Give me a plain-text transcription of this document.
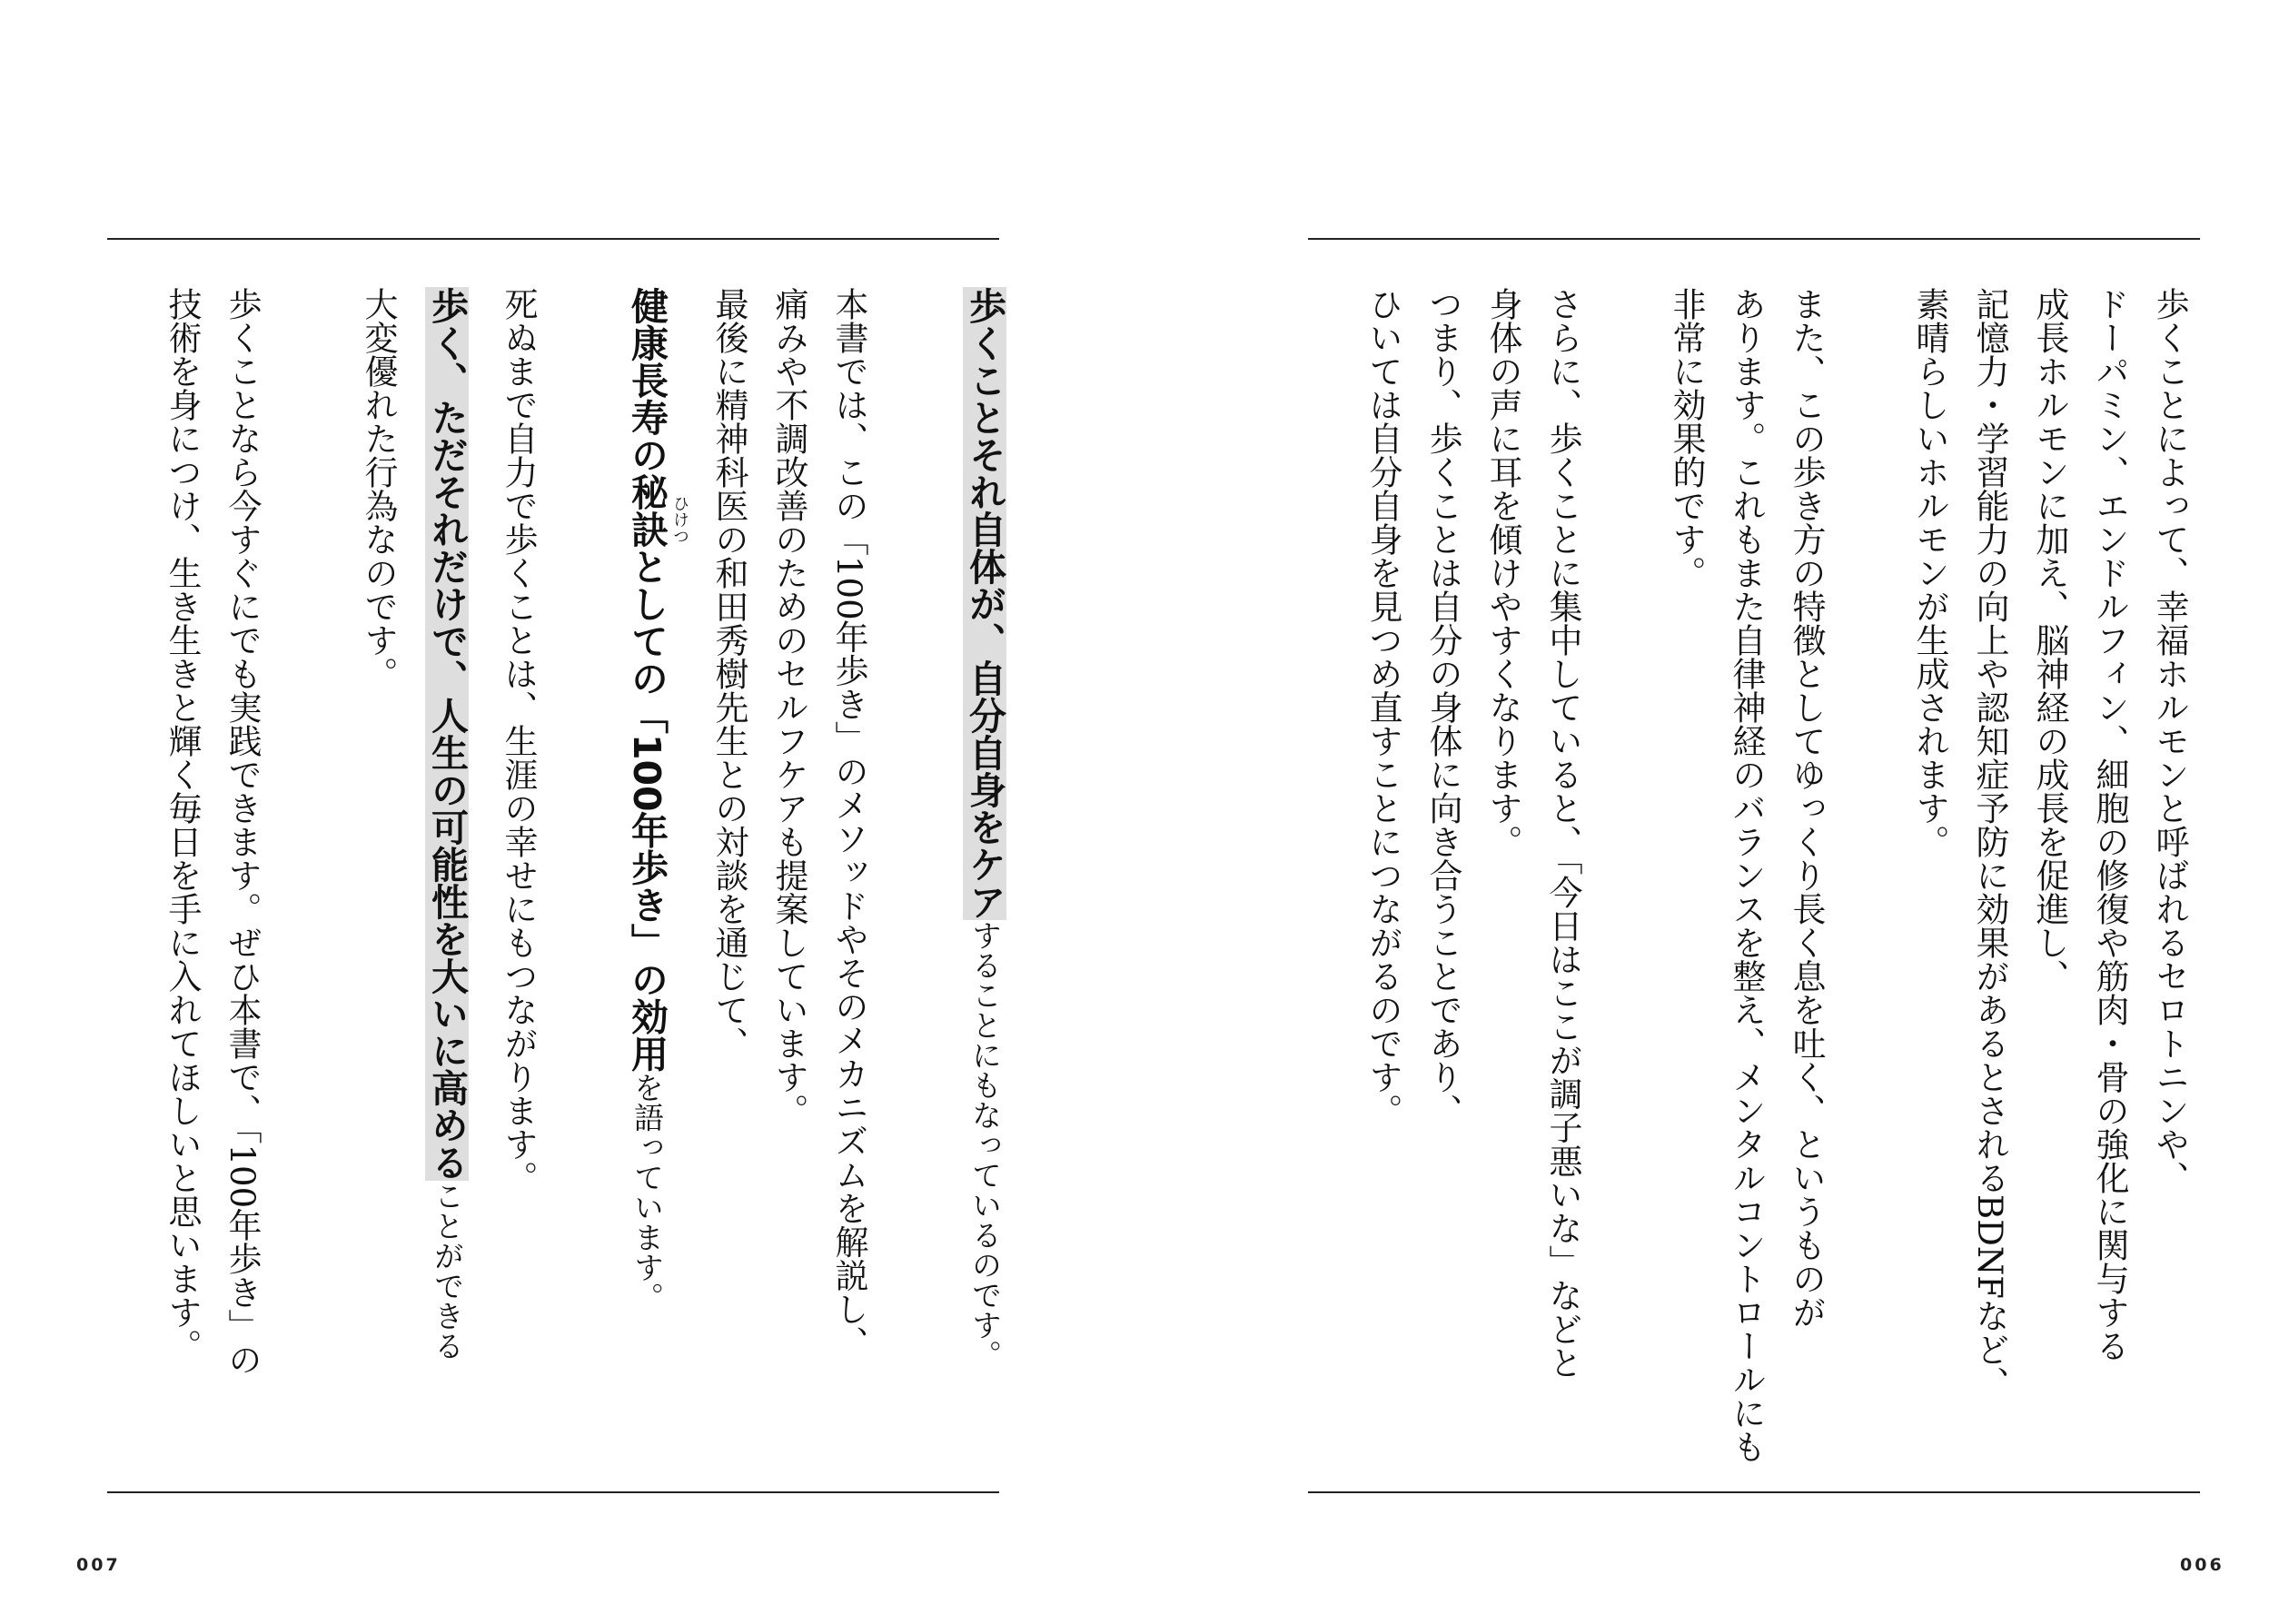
歩くことそれ自体が、自分自身をケアすることにもなっているのです。
本書では、この「100年歩き」のメソッドやそのメカニズムを解説し、
痛みや不調改善のためのセルフケアも提案しています。
最後に精神科医の和田秀樹先生との対談を通じて、
健康長寿の秘訣としての「100年歩き」の効用を語っています。
ひけつ
死ぬまで自力で歩くことは、生涯の幸せにもつながります。
歩く、ただそれだけで、人生の可能性を大いに高めることができる
大変優れた行為なのです。
歩くことなら今すぐにでも実践できます。ぜひ本書で、「100年歩き」の
技術を身につけ、生き生きと輝く毎日を手に入れてほしいと思います。
007
歩くことによって、幸福ホルモンと呼ばれるセロトニンや、
ドーパミン、エンドルフィン、細胞の修復や筋肉・骨の強化に関与する
成長ホルモンに加え、脳神経の成長を促進し、
記憶力・学習能力の向上や認知症予防に効果があるとされるBDNFなど、
素晴らしいホルモンが生成されます。
また、この歩き方の特徴としてゆっくり長く息を吐く、というものが
あります。これもまた自律神経のバランスを整え、メンタルコントロールにも
非常に効果的です。
さらに、歩くことに集中していると、「今日はここが調子悪いな」などと
身体の声に耳を傾けやすくなります。
つまり、歩くことは自分の身体に向き合うことであり、
ひいては自分自身を見つめ直すことにつながるのです。
006
